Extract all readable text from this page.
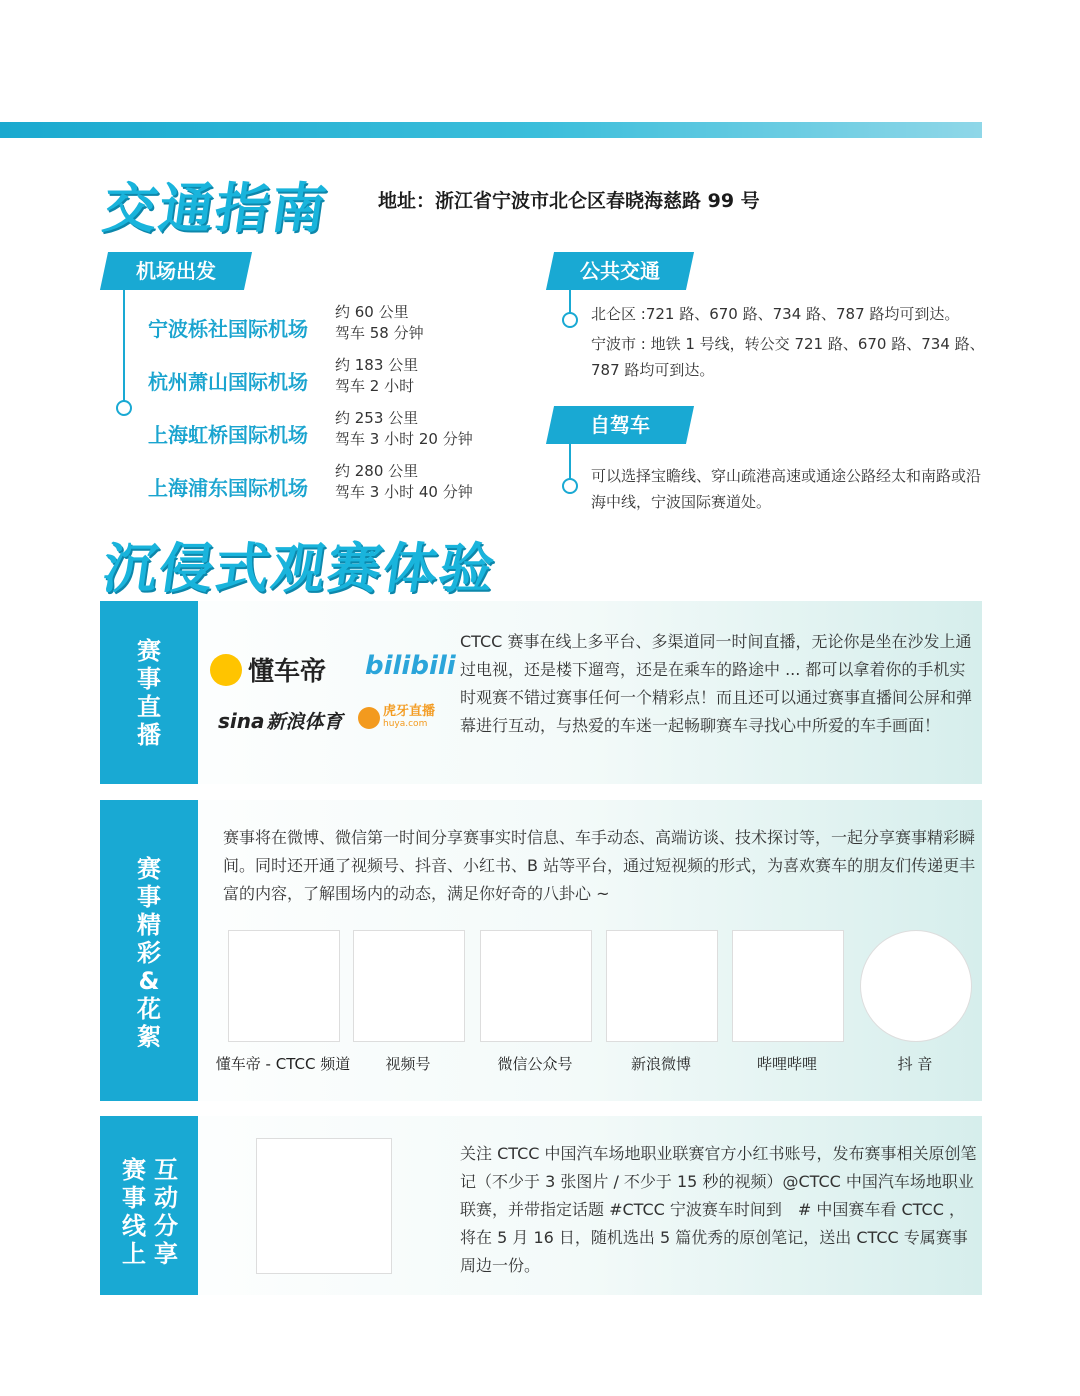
交通指南 地址：浙江省宁波市北仑区春晓海慈路 99 号
机场出发
宁波栎社国际机场
约 60 公里
驾车 58 分钟
杭州萧山国际机场
约 183 公里
驾车 2 小时
上海虹桥国际机场
约 253 公里
驾车 3 小时 20 分钟
上海浦东国际机场
约 280 公里
驾车 3 小时 40 分钟
公共交通
北仑区 :721 路、670 路、734 路、787 路均可到达。
宁波市 : 地铁 1 号线，转公交 721 路、670 路、734 路、787 路均可到达。
自驾车
可以选择宝瞻线、穿山疏港高速或通途公路经太和南路或沿海中线，宁波国际赛道处。
沉侵式观赛体验
赛事直播
懂车帝 bilibili
sina 新浪体育	虎牙直播
huya.com
CTCC 赛事在线上多平台、多渠道同一时间直播，无论你是坐在沙发上通过电视，还是楼下遛弯，还是在乘车的路途中 ... 都可以拿着你的手机实时观赛不错过赛事任何一个精彩点！而且还可以通过赛事直播间公屏和弹幕进行互动，与热爱的车迷一起畅聊赛车寻找心中所爱的车手画面！
赛事精彩&花絮
赛事将在微博、微信第一时间分享赛事实时信息、车手动态、高端访谈、技术探讨等，一起分享赛事精彩瞬间。同时还开通了视频号、抖音、小红书、B 站等平台，通过短视频的形式，为喜欢赛车的朋友们传递更丰富的内容，了解围场内的动态，满足你好奇的八卦心 ~
懂车帝 - CTCC 频道	视频号	微信公众号	新浪微博	哔哩哔哩	抖 音
赛事线上
互动分享
关注 CTCC 中国汽车场地职业联赛官方小红书账号，发布赛事相关原创笔记（不少于 3 张图片 / 不少于 15 秒的视频）@CTCC 中国汽车场地职业联赛，并带指定话题 #CTCC 宁波赛车时间到　# 中国赛车看 CTCC ，将在 5 月 16 日，随机选出 5 篇优秀的原创笔记，送出 CTCC 专属赛事周边一份。
